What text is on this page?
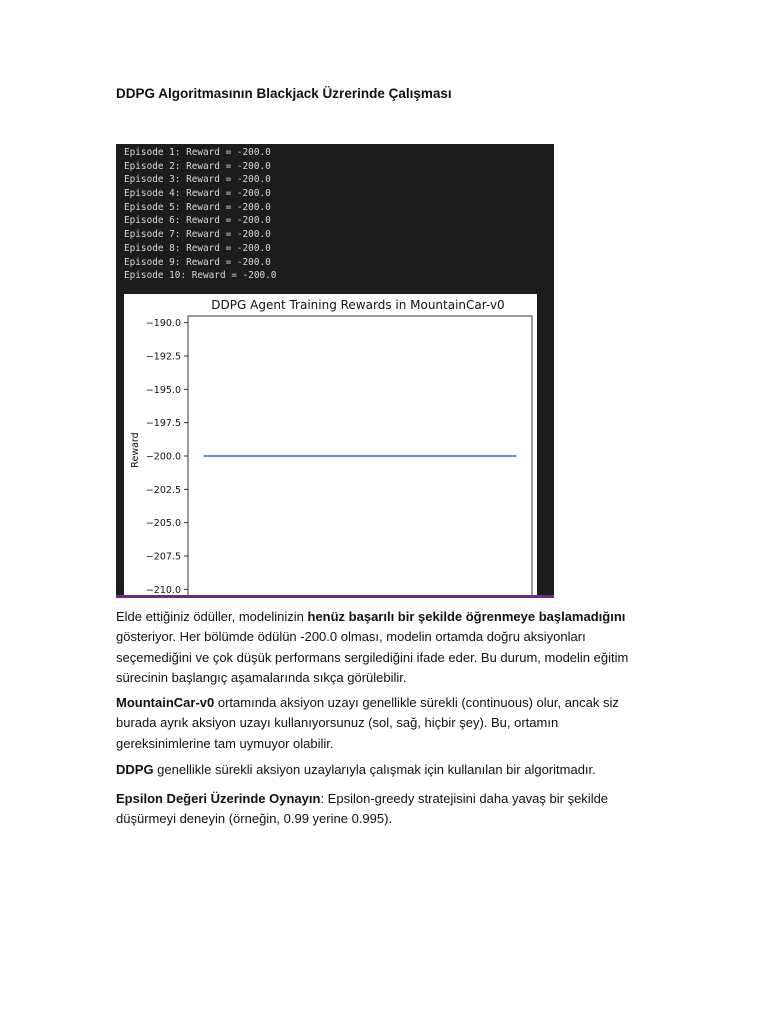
DDPG Algoritmasının Blackjack Üzrerinde Çalışması
Episode 1: Reward = -200.0
Episode 2: Reward = -200.0
Episode 3: Reward = -200.0
Episode 4: Reward = -200.0
Episode 5: Reward = -200.0
Episode 6: Reward = -200.0
Episode 7: Reward = -200.0
Episode 8: Reward = -200.0
Episode 9: Reward = -200.0
Episode 10: Reward = -200.0
DDPG Agent Training Rewards in MountainCar-v0
Reward
−190.0
−192.5
−195.0
−197.5
−200.0
−202.5
−205.0
−207.5
−210.0

Elde ettiğiniz ödüller, modelinizin henüz başarılı bir şekilde öğrenmeye başlamadığını gösteriyor. Her bölümde ödülün -200.0 olması, modelin ortamda doğru aksiyonları seçemediğini ve çok düşük performans sergilediğini ifade eder. Bu durum, modelin eğitim sürecinin başlangıç aşamalarında sıkça görülebilir.

MountainCar-v0 ortamında aksiyon uzayı genellikle sürekli (continuous) olur, ancak siz burada ayrık aksiyon uzayı kullanıyorsunuz (sol, sağ, hiçbir şey). Bu, ortamın gereksinimlerine tam uymuyor olabilir.

DDPG genellikle sürekli aksiyon uzaylarıyla çalışmak için kullanılan bir algoritmadır.

Epsilon Değeri Üzerinde Oynayın: Epsilon-greedy stratejisini daha yavaş bir şekilde düşürmeyi deneyin (örneğin, 0.99 yerine 0.995).
